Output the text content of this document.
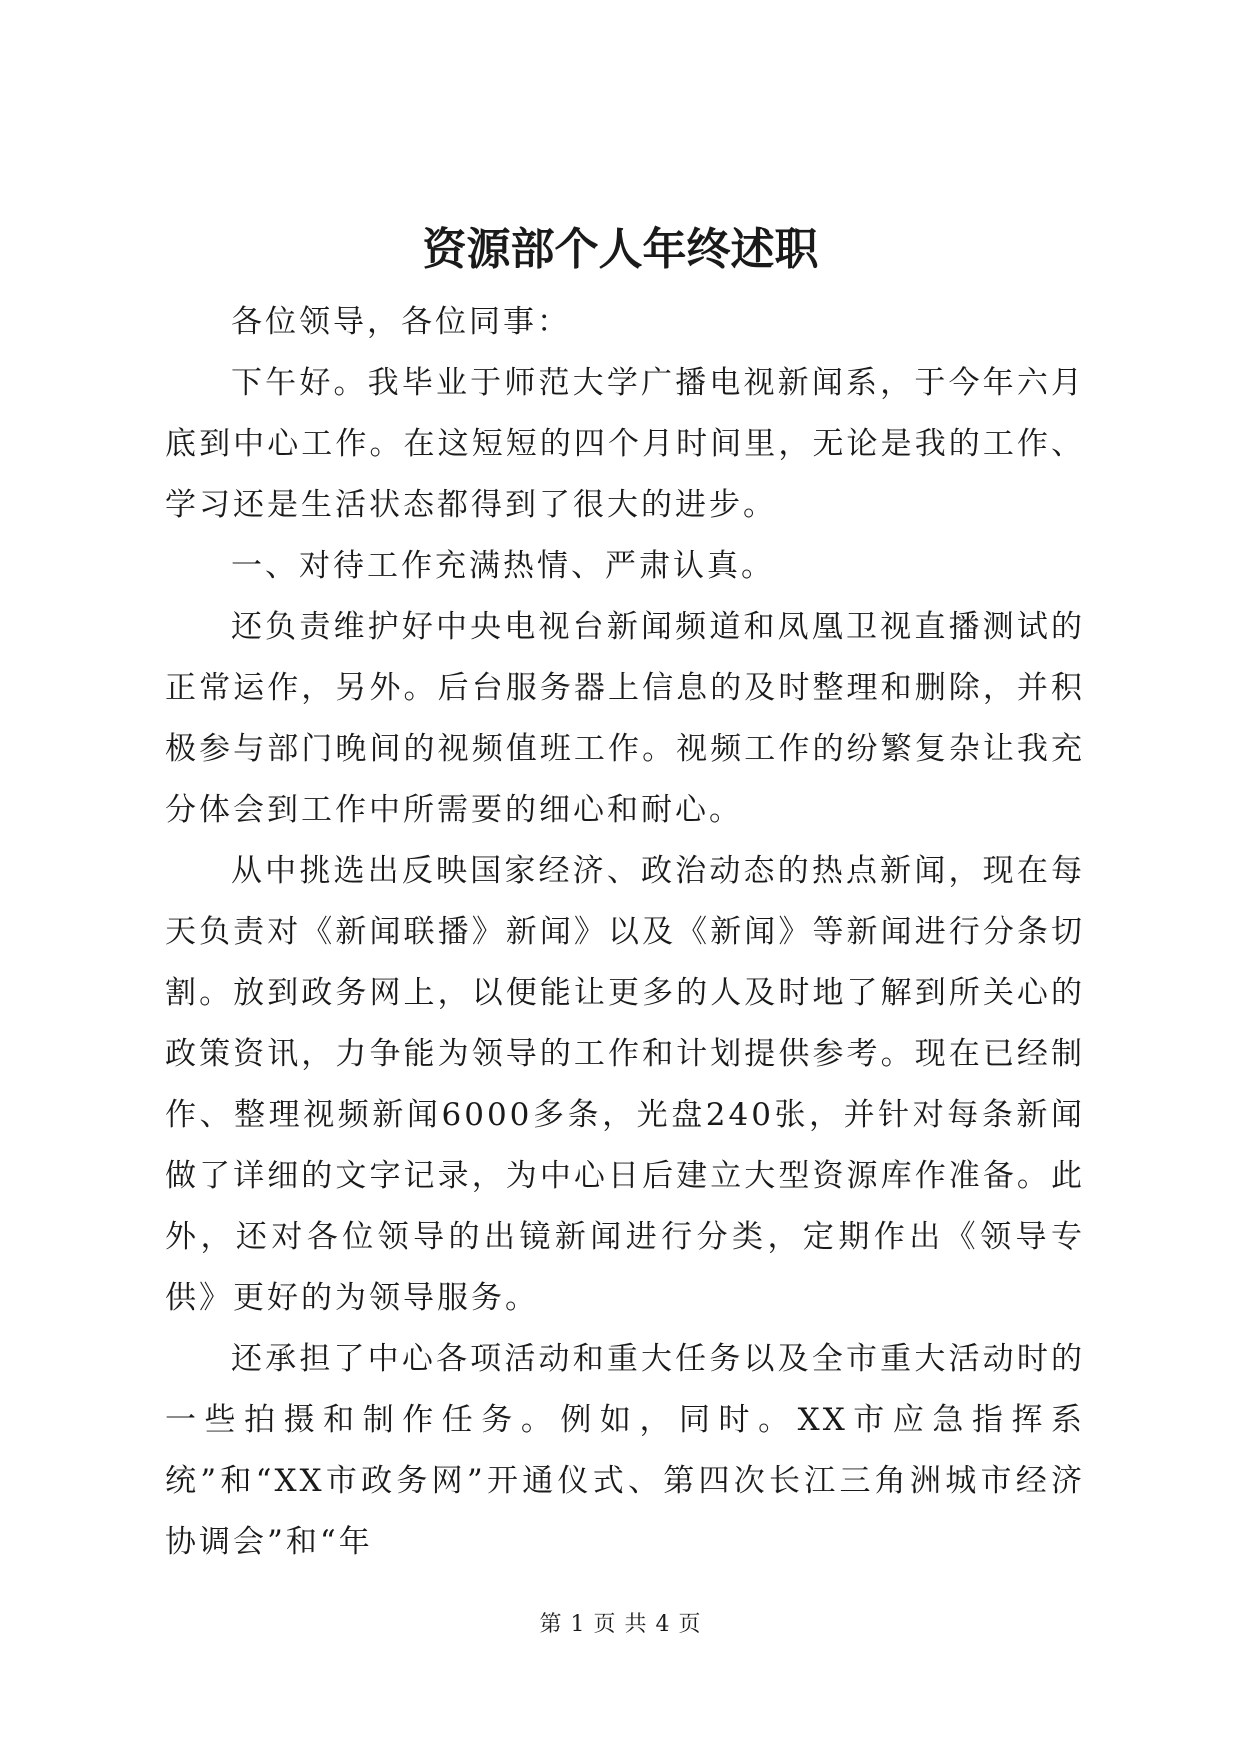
资源部个人年终述职

各位领导，各位同事：

下午好。我毕业于师范大学广播电视新闻系，于今年六月底到中心工作。在这短短的四个月时间里，无论是我的工作、学习还是生活状态都得到了很大的进步。

一、对待工作充满热情、严肃认真。

还负责维护好中央电视台新闻频道和凤凰卫视直播测试的正常运作，另外。后台服务器上信息的及时整理和删除，并积极参与部门晚间的视频值班工作。视频工作的纷繁复杂让我充分体会到工作中所需要的细心和耐心。

从中挑选出反映国家经济、政治动态的热点新闻，现在每天负责对《新闻联播》新闻》以及《新闻》等新闻进行分条切割。放到政务网上，以便能让更多的人及时地了解到所关心的政策资讯，力争能为领导的工作和计划提供参考。现在已经制作、整理视频新闻6000多条，光盘240张，并针对每条新闻做了详细的文字记录，为中心日后建立大型资源库作准备。此外，还对各位领导的出镜新闻进行分类，定期作出《领导专供》更好的为领导服务。

还承担了中心各项活动和重大任务以及全市重大活动时的一些拍摄和制作任务。例如，同时。XX市应急指挥系统”和“XX市政务网”开通仪式、第四次长江三角洲城市经济协调会”和“年

第 1 页 共 4 页
